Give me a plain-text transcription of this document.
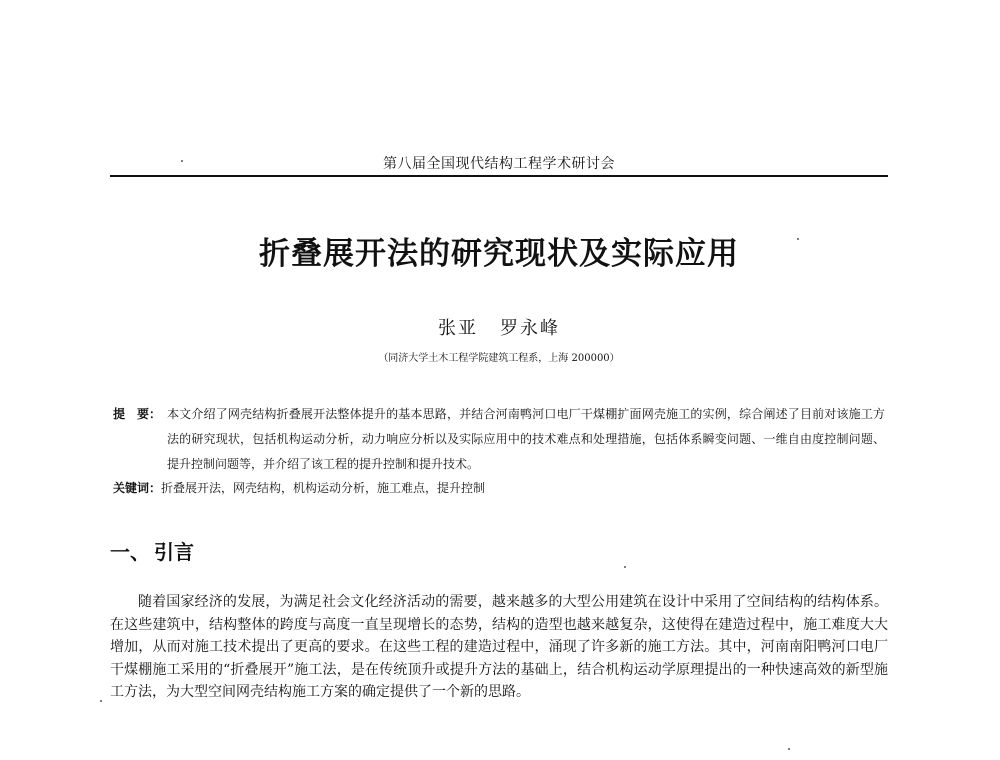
第八届全国现代结构工程学术研讨会
折叠展开法的研究现状及实际应用
张亚 罗永峰
（同济大学土木工程学院建筑工程系，上海 200000）
提　要： 本文介绍了网壳结构折叠展开法整体提升的基本思路，并结合河南鸭河口电厂干煤棚扩面网壳施工的实例，综合阐述了目前对该施工方法的研究现状，包括机构运动分析，动力响应分析以及实际应用中的技术难点和处理措施，包括体系瞬变问题、一维自由度控制问题、提升控制问题等，并介绍了该工程的提升控制和提升技术。
关键词：折叠展开法，网壳结构，机构运动分析，施工难点，提升控制
一、 引言
随着国家经济的发展，为满足社会文化经济活动的需要，越来越多的大型公用建筑在设计中采用了空间结构的结构体系。在这些建筑中，结构整体的跨度与高度一直呈现增长的态势，结构的造型也越来越复杂，这使得在建造过程中，施工难度大大增加，从而对施工技术提出了更高的要求。在这些工程的建造过程中，涌现了许多新的施工方法。其中，河南南阳鸭河口电厂干煤棚施工采用的“折叠展开”施工法，是在传统顶升或提升方法的基础上，结合机构运动学原理提出的一种快速高效的新型施工方法，为大型空间网壳结构施工方案的确定提供了一个新的思路。
